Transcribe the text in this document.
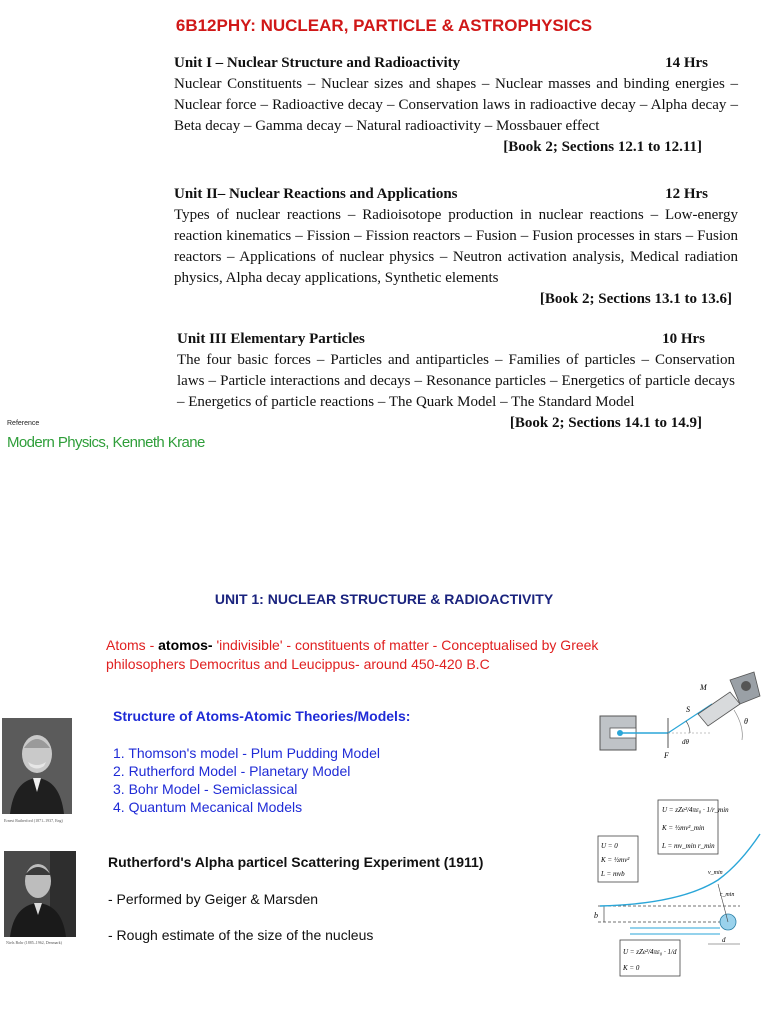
6B12PHY: NUCLEAR, PARTICLE & ASTROPHYSICS
Unit I – Nuclear Structure and Radioactivity	14 Hrs
Nuclear Constituents – Nuclear sizes and shapes – Nuclear masses and binding energies – Nuclear force – Radioactive decay – Conservation laws in radioactive decay – Alpha decay – Beta decay – Gamma decay – Natural radioactivity – Mossbauer effect
[Book 2; Sections 12.1 to 12.11]
Unit II– Nuclear Reactions and Applications	12 Hrs
Types of nuclear reactions – Radioisotope production in nuclear reactions – Low-energy reaction kinematics – Fission – Fission reactors – Fusion – Fusion processes in stars – Fusion reactors – Applications of nuclear physics – Neutron activation analysis, Medical radiation physics, Alpha decay applications, Synthetic elements
[Book 2; Sections 13.1 to 13.6]
Unit III Elementary Particles	10 Hrs
The four basic forces – Particles and antiparticles – Families of particles – Conservation laws – Particle interactions and decays – Resonance particles – Energetics of particle decays – Energetics of particle reactions – The Quark Model – The Standard Model
[Book 2; Sections 14.1 to 14.9]
Reference
Modern Physics, Kenneth Krane
UNIT 1: NUCLEAR STRUCTURE & RADIOACTIVITY
Atoms - atomos- 'indivisible' - constituents of matter - Conceptualised by Greek philosophers Democritus and Leucippus- around 450-420 B.C
Structure of Atoms-Atomic Theories/Models:
1. Thomson's model - Plum Pudding Model
2. Rutherford Model - Planetary Model
3. Bohr Model - Semiclassical
4. Quantum Mecanical Models
Rutherford's Alpha particel Scattering Experiment (1911)
- Performed by Geiger & Marsden
- Rough estimate of the size of the nucleus
Ernest Rutherford (1871–1937, Eng)
Niels Bohr (1885–1962, Denmark)
M
S
θ
F
dθ
U = zZe²/4πε₀ · 1/r_min
K = ½mv²_min
L = mv_min r_min
U = 0
K = ½mv²
L = mvb
b
r_min
v_min
d
U = zZe²/4πε₀ · 1/d
K = 0
